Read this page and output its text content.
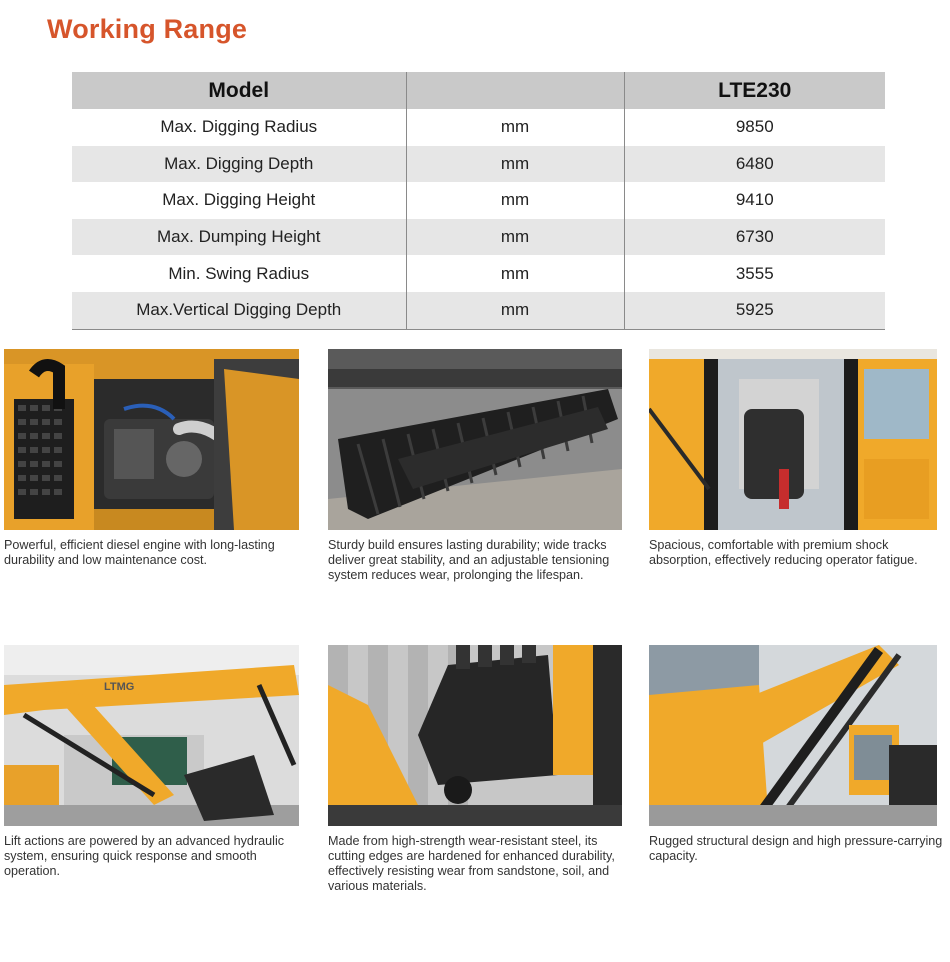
Working Range
Model		LTE230
Max. Digging Radius	mm	9850
Max. Digging Depth	mm	6480
Max. Digging Height	mm	9410
Max. Dumping Height	mm	6730
Min. Swing Radius	mm	3555
Max.Vertical Digging Depth	mm	5925
Powerful, efficient diesel engine with long-lasting durability and low maintenance cost.
Sturdy build ensures lasting durability; wide tracks deliver great stability, and an adjustable tensioning system reduces wear, prolonging the lifespan.
Spacious, comfortable with premium shock absorption, effectively reducing operator fatigue.
LTMG
Lift actions are powered by an advanced hydraulic system, ensuring quick response and smooth operation.
Made from high-strength wear-resistant steel, its cutting edges are hardened for enhanced durability, effectively resisting wear from sandstone, soil, and various materials.
Rugged structural design and high pressure-carrying capacity.
